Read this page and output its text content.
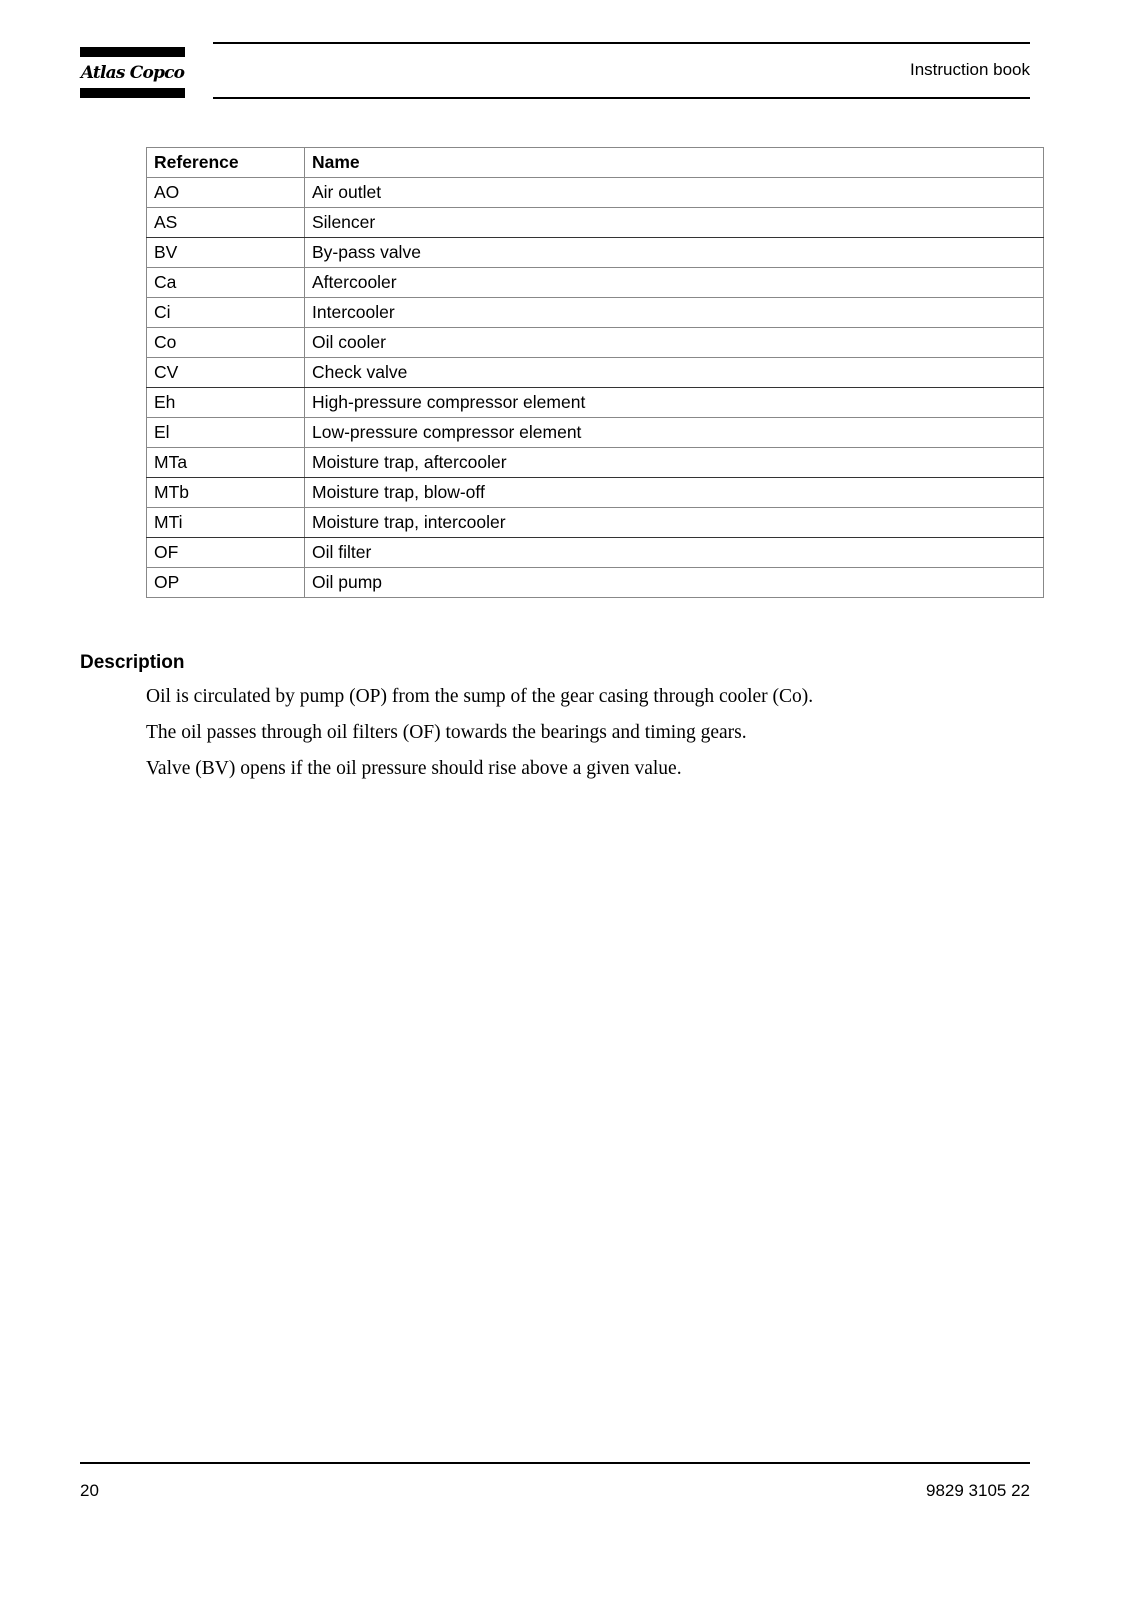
Atlas Copco	Instruction book
Reference	Name
AO	Air outlet
AS	Silencer
BV	By-pass valve
Ca	Aftercooler
Ci	Intercooler
Co	Oil cooler
CV	Check valve
Eh	High-pressure compressor element
El	Low-pressure compressor element
MTa	Moisture trap, aftercooler
MTb	Moisture trap, blow-off
MTi	Moisture trap, intercooler
OF	Oil filter
OP	Oil pump
Description

Oil is circulated by pump (OP) from the sump of the gear casing through cooler (Co).

The oil passes through oil filters (OF) towards the bearings and timing gears.

Valve (BV) opens if the oil pressure should rise above a given value.

20	9829 3105 22
